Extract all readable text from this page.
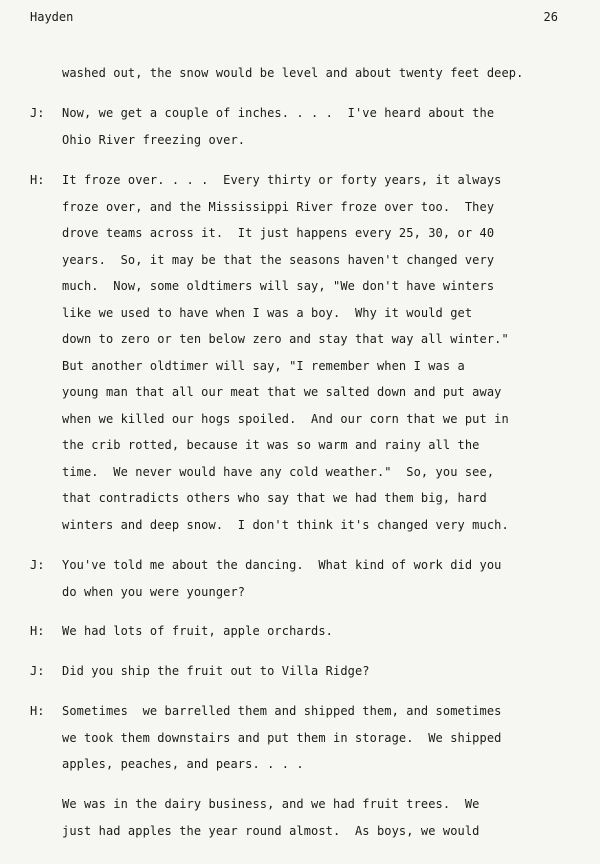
Hayden	26
washed out, the snow would be level and about twenty feet deep.
J:	Now, we get a couple of inches. . . .  I've heard about the
Ohio River freezing over.
H:	It froze over. . . .  Every thirty or forty years, it always
froze over, and the Mississippi River froze over too.  They
drove teams across it.  It just happens every 25, 30, or 40
years.  So, it may be that the seasons haven't changed very
much.  Now, some oldtimers will say, "We don't have winters
like we used to have when I was a boy.  Why it would get
down to zero or ten below zero and stay that way all winter."
But another oldtimer will say, "I remember when I was a
young man that all our meat that we salted down and put away
when we killed our hogs spoiled.  And our corn that we put in
the crib rotted, because it was so warm and rainy all the
time.  We never would have any cold weather."  So, you see,
that contradicts others who say that we had them big, hard
winters and deep snow.  I don't think it's changed very much.
J:	You've told me about the dancing.  What kind of work did you
do when you were younger?
H:	We had lots of fruit, apple orchards.
J:	Did you ship the fruit out to Villa Ridge?
H:	Sometimes  we barrelled them and shipped them, and sometimes
we took them downstairs and put them in storage.  We shipped
apples, peaches, and pears. . . .
We was in the dairy business, and we had fruit trees.  We
just had apples the year round almost.  As boys, we would
